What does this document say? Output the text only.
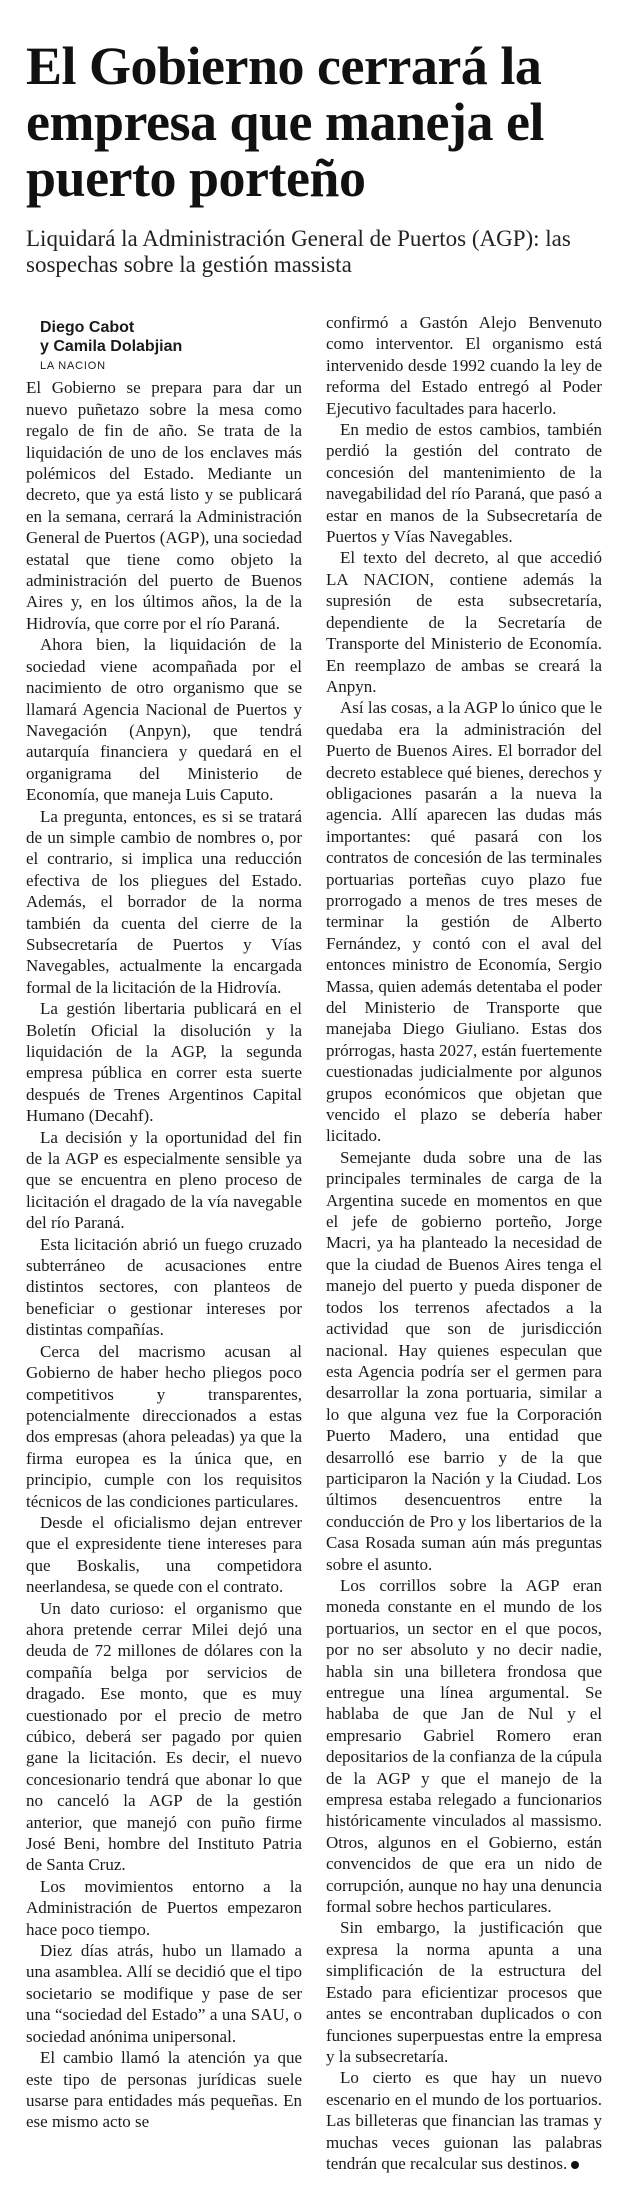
El Gobierno cerrará la empresa que maneja el puerto porteño

Liquidará la Administración General de Puertos (AGP): las sospechas sobre la gestión massista

Diego Cabot

y Camila Dolabjian

LA NACION

El Gobierno se prepara para dar un nuevo puñetazo sobre la mesa como regalo de fin de año. Se trata de la liquidación de uno de los enclaves más polémicos del Estado. Mediante un decreto, que ya está listo y se publicará en la semana, cerrará la Administración General de Puertos (AGP), una sociedad estatal que tiene como objeto la administración del puerto de Buenos Aires y, en los últimos años, la de la Hidrovía, que corre por el río Paraná.

Ahora bien, la liquidación de la sociedad viene acompañada por el nacimiento de otro organismo que se llamará Agencia Nacional de Puertos y Navegación (Anpyn), que tendrá autarquía financiera y quedará en el organigrama del Ministerio de Economía, que maneja Luis Caputo.

La pregunta, entonces, es si se tratará de un simple cambio de nombres o, por el contrario, si implica una reducción efectiva de los pliegues del Estado. Además, el borrador de la norma también da cuenta del cierre de la Subsecretaría de Puertos y Vías Navegables, actualmente la encargada formal de la licitación de la Hidrovía.

La gestión libertaria publicará en el Boletín Oficial la disolución y la liquidación de la AGP, la segunda empresa pública en correr esta suerte después de Trenes Argentinos Capital Humano (Decahf).

La decisión y la oportunidad del fin de la AGP es especialmente sensible ya que se encuentra en pleno proceso de licitación el dragado de la vía navegable del río Paraná.

Esta licitación abrió un fuego cruzado subterráneo de acusaciones entre distintos sectores, con planteos de beneficiar o gestionar intereses por distintas compañías.

Cerca del macrismo acusan al Gobierno de haber hecho pliegos poco competitivos y transparentes, potencialmente direccionados a estas dos empresas (ahora peleadas) ya que la firma europea es la única que, en principio, cumple con los requisitos técnicos de las condiciones particulares.

Desde el oficialismo dejan entrever que el expresidente tiene intereses para que Boskalis, una competidora neerlandesa, se quede con el contrato.

Un dato curioso: el organismo que ahora pretende cerrar Milei dejó una deuda de 72 millones de dólares con la compañía belga por servicios de dragado. Ese monto, que es muy cuestionado por el precio de metro cúbico, deberá ser pagado por quien gane la licitación. Es decir, el nuevo concesionario tendrá que abonar lo que no canceló la AGP de la gestión anterior, que manejó con puño firme José Beni, hombre del Instituto Patria de Santa Cruz.

Los movimientos entorno a la Administración de Puertos empezaron hace poco tiempo.

Diez días atrás, hubo un llamado a una asamblea. Allí se decidió que el tipo societario se modifique y pase de ser una “sociedad del Estado” a una SAU, o sociedad anónima unipersonal.

El cambio llamó la atención ya que este tipo de personas jurídicas suele usarse para entidades más pequeñas. En ese mismo acto se

confirmó a Gastón Alejo Benvenuto como interventor. El organismo está intervenido desde 1992 cuando la ley de reforma del Estado entregó al Poder Ejecutivo facultades para hacerlo.

En medio de estos cambios, también perdió la gestión del contrato de concesión del mantenimiento de la navegabilidad del río Paraná, que pasó a estar en manos de la Subsecretaría de Puertos y Vías Navegables.

El texto del decreto, al que accedió LA NACION, contiene además la supresión de esta subsecretaría, dependiente de la Secretaría de Transporte del Ministerio de Economía. En reemplazo de ambas se creará la Anpyn.

Así las cosas, a la AGP lo único que le quedaba era la administración del Puerto de Buenos Aires. El borrador del decreto establece qué bienes, derechos y obligaciones pasarán a la nueva la agencia. Allí aparecen las dudas más importantes: qué pasará con los contratos de concesión de las terminales portuarias porteñas cuyo plazo fue prorrogado a menos de tres meses de terminar la gestión de Alberto Fernández, y contó con el aval del entonces ministro de Economía, Sergio Massa, quien además detentaba el poder del Ministerio de Transporte que manejaba Diego Giuliano. Estas dos prórrogas, hasta 2027, están fuertemente cuestionadas judicialmente por algunos grupos económicos que objetan que vencido el plazo se debería haber licitado.

Semejante duda sobre una de las principales terminales de carga de la Argentina sucede en momentos en que el jefe de gobierno porteño, Jorge Macri, ya ha planteado la necesidad de que la ciudad de Buenos Aires tenga el manejo del puerto y pueda disponer de todos los terrenos afectados a la actividad que son de jurisdicción nacional. Hay quienes especulan que esta Agencia podría ser el germen para desarrollar la zona portuaria, similar a lo que alguna vez fue la Corporación Puerto Madero, una entidad que desarrolló ese barrio y de la que participaron la Nación y la Ciudad. Los últimos desencuentros entre la conducción de Pro y los libertarios de la Casa Rosada suman aún más preguntas sobre el asunto.

Los corrillos sobre la AGP eran moneda constante en el mundo de los portuarios, un sector en el que pocos, por no ser absoluto y no decir nadie, habla sin una billetera frondosa que entregue una línea argumental. Se hablaba de que Jan de Nul y el empresario Gabriel Romero eran depositarios de la confianza de la cúpula de la AGP y que el manejo de la empresa estaba relegado a funcionarios históricamente vinculados al massismo. Otros, algunos en el Gobierno, están convencidos de que era un nido de corrupción, aunque no hay una denuncia formal sobre hechos particulares.

Sin embargo, la justificación que expresa la norma apunta a una simplificación de la estructura del Estado para eficientizar procesos que antes se encontraban duplicados o con funciones superpuestas entre la empresa y la subsecretaría.

Lo cierto es que hay un nuevo escenario en el mundo de los portuarios. Las billeteras que financian las tramas y muchas veces guionan las palabras tendrán que recalcular sus destinos.
